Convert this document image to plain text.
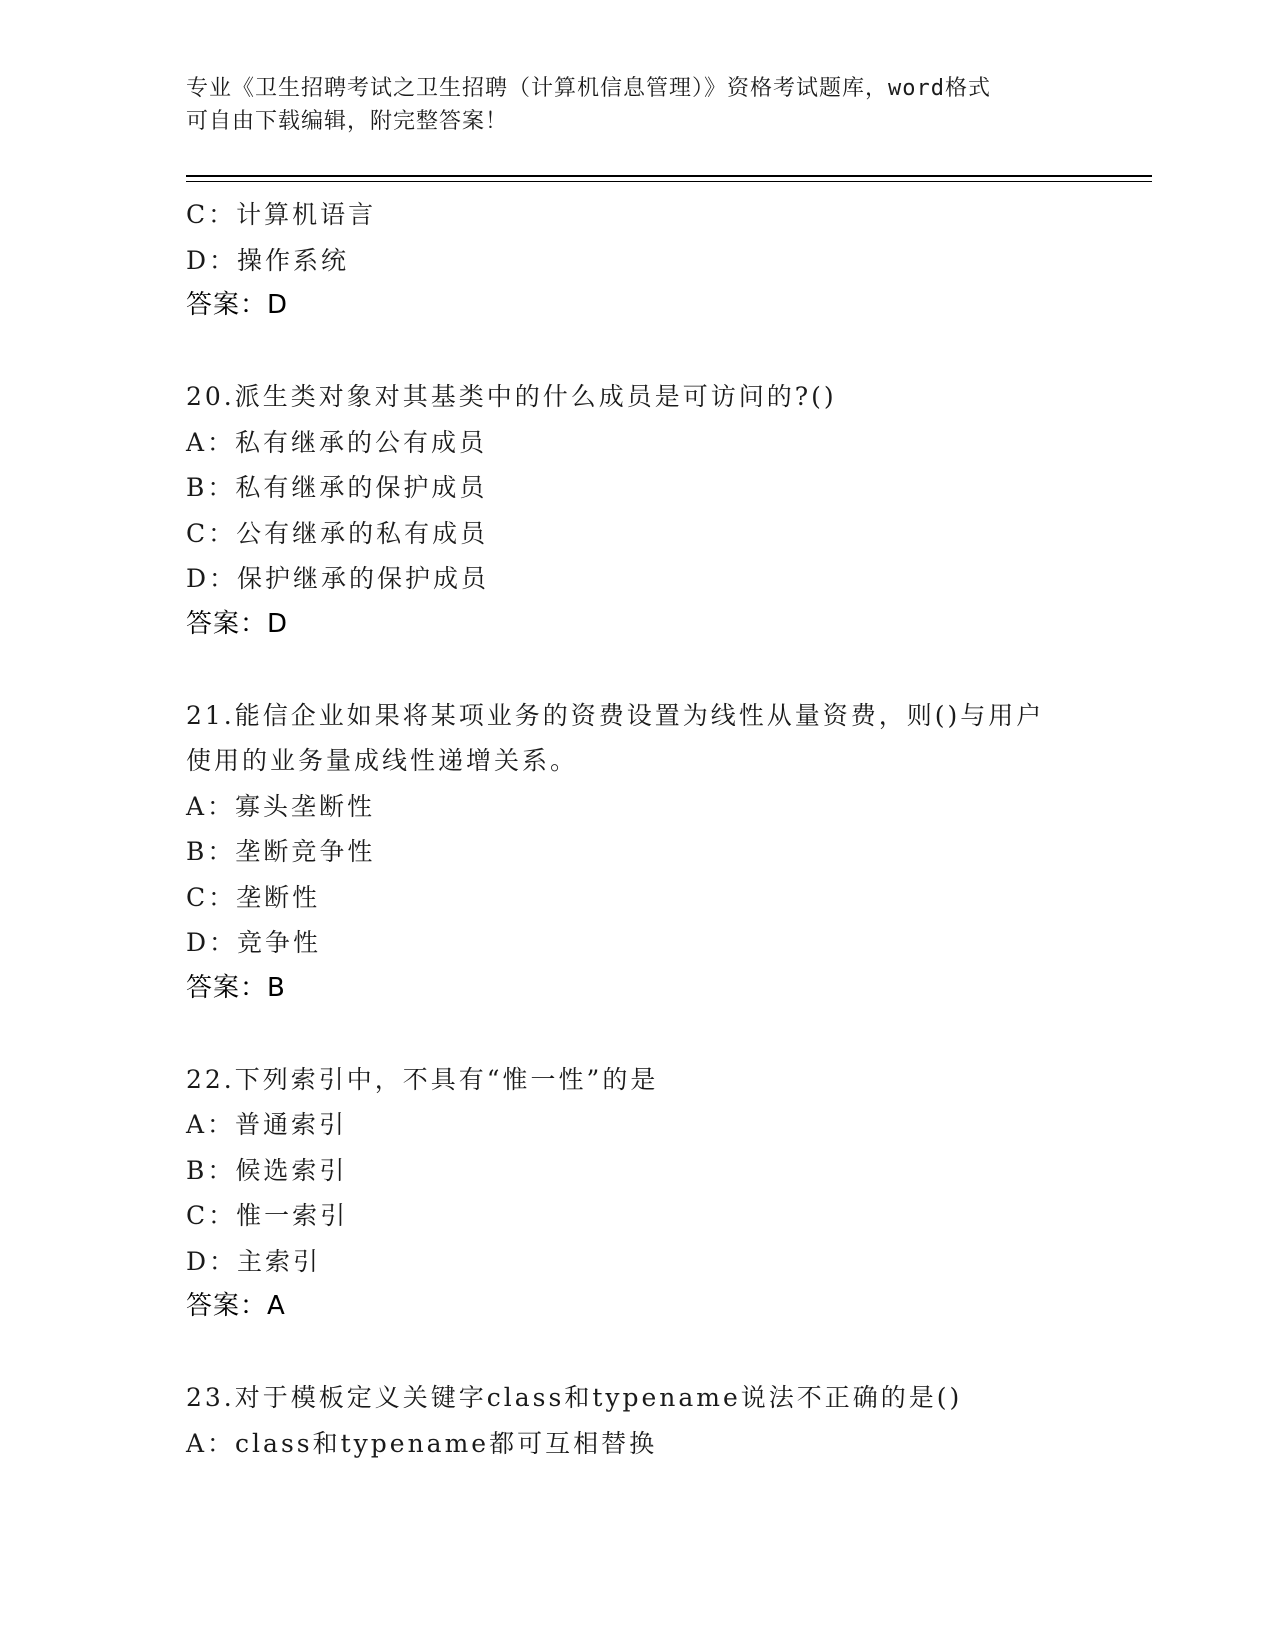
专业《卫生招聘考试之卫生招聘（计算机信息管理）》资格考试题库，word格式
可自由下载编辑，附完整答案！
C：计算机语言
D：操作系统
答案：D
20.派生类对象对其基类中的什么成员是可访问的?()
A：私有继承的公有成员
B：私有继承的保护成员
C：公有继承的私有成员
D：保护继承的保护成员
答案：D
21.能信企业如果将某项业务的资费设置为线性从量资费，则()与用户
使用的业务量成线性递增关系。
A：寡头垄断性
B：垄断竞争性
C：垄断性
D：竞争性
答案：B
22.下列索引中，不具有“惟一性”的是
A：普通索引
B：候选索引
C：惟一索引
D：主索引
答案：A
23.对于模板定义关键字class和typename说法不正确的是()
A：class和typename都可互相替换
